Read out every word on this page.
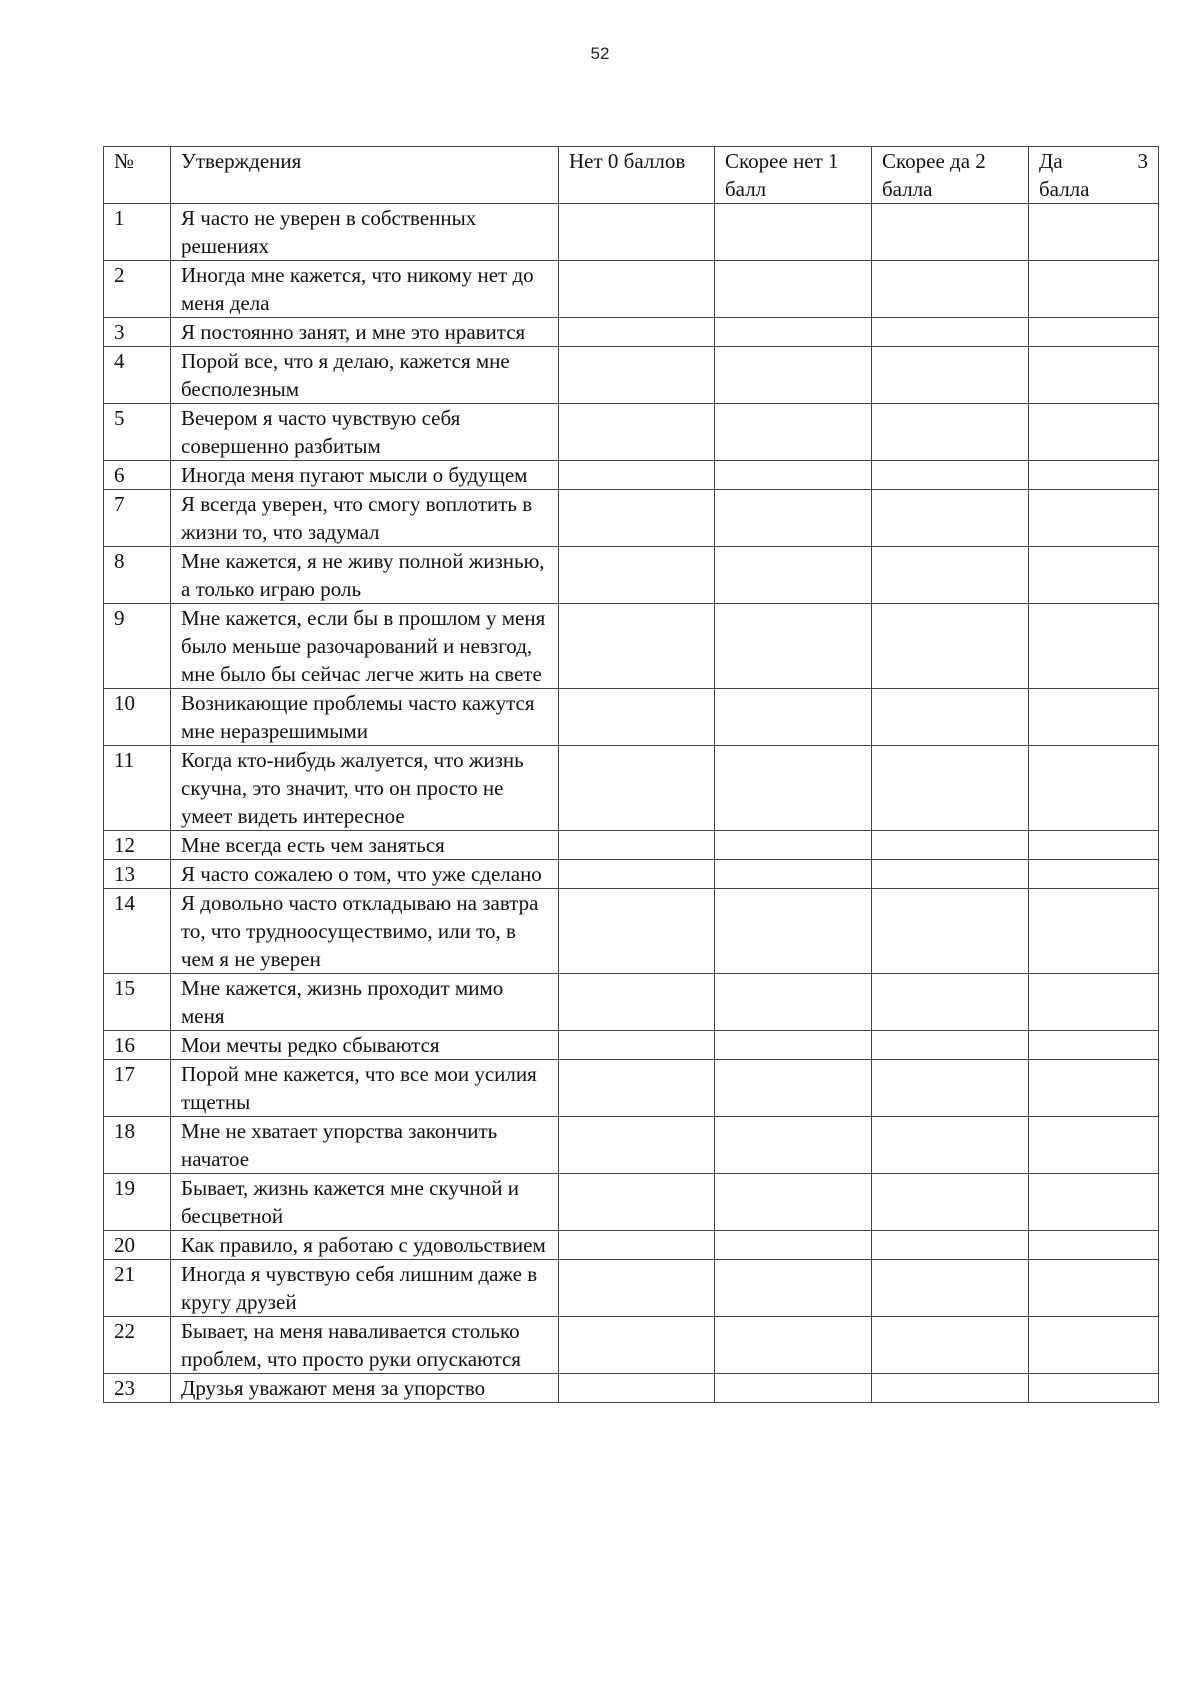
52
№	Утверждения	Нет 0 баллов	Скорее нет 1 балл	Скорее да 2 балла	Да 3
балла

1	Я часто не уверен в собственных решениях				
2	Иногда мне кажется, что никому нет до меня дела				
3	Я постоянно занят, и мне это нравится				
4	Порой все, что я делаю, кажется мне бесполезным				
5	Вечером я часто чувствую себя совершенно разбитым				
6	Иногда меня пугают мысли о будущем				
7	Я всегда уверен, что смогу воплотить в жизни то, что задумал				
8	Мне кажется, я не живу полной жизнью, а только играю роль				
9	Мне кажется, если бы в прошлом у меня было меньше разочарований и невзгод, мне было бы сейчас легче жить на свете				
10	Возникающие проблемы часто кажутся мне неразрешимыми				
11	Когда кто-нибудь жалуется, что жизнь скучна, это значит, что он просто не умеет видеть интересное				
12	Мне всегда есть чем заняться				
13	Я часто сожалею о том, что уже сделано				
14	Я довольно часто откладываю на завтра то, что трудноосуществимо, или то, в чем я не уверен				
15	Мне кажется, жизнь проходит мимо меня				
16	Мои мечты редко сбываются				
17	Порой мне кажется, что все мои усилия тщетны				
18	Мне не хватает упорства закончить начатое				
19	Бывает, жизнь кажется мне скучной и бесцветной				
20	Как правило, я работаю с удовольствием				
21	Иногда я чувствую себя лишним даже в кругу друзей				
22	Бывает, на меня наваливается столько проблем, что просто руки опускаются				
23	Друзья уважают меня за упорство				
